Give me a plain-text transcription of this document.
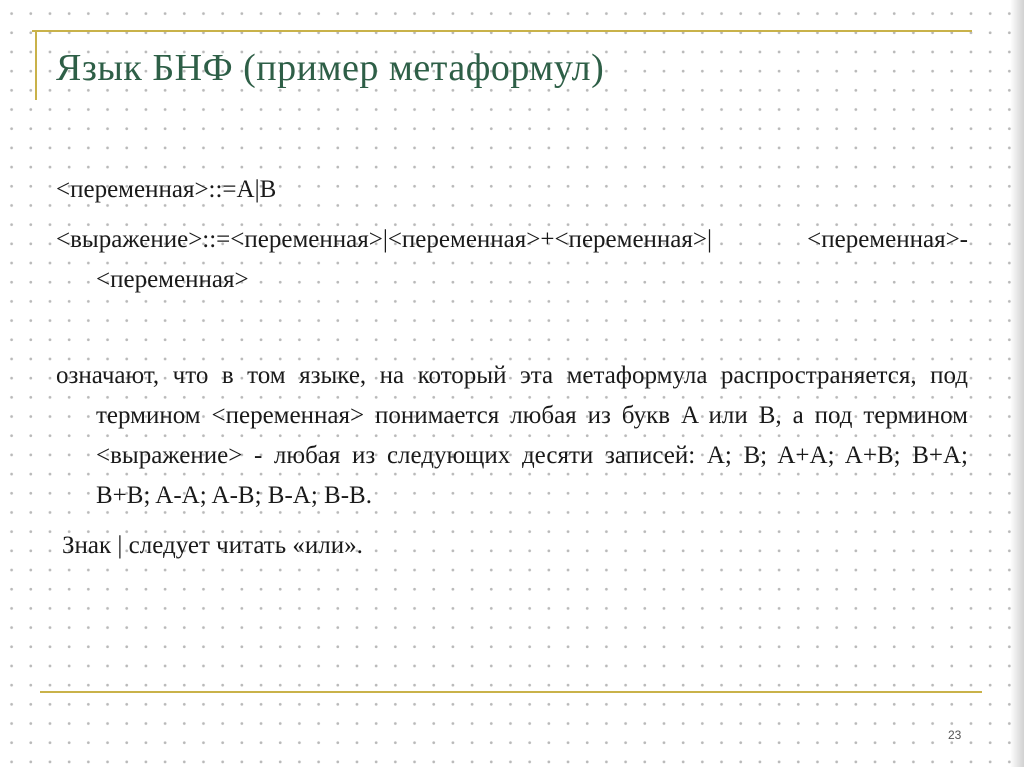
Язык БНФ (пример метаформул)

<переменная>::=A|B

<выражение>::=<переменная>|<переменная>+<переменная>| <переменная>-<переменная>

означают, что в том языке, на который эта метаформула распространяется, под термином <переменная> понимается любая из букв A или B, а под термином <выражение> - любая из следующих десяти записей: A; B; A+A; A+B; B+A; B+B; A-A; A-B; B-A; B-B.

Знак | следует читать «или».

23
